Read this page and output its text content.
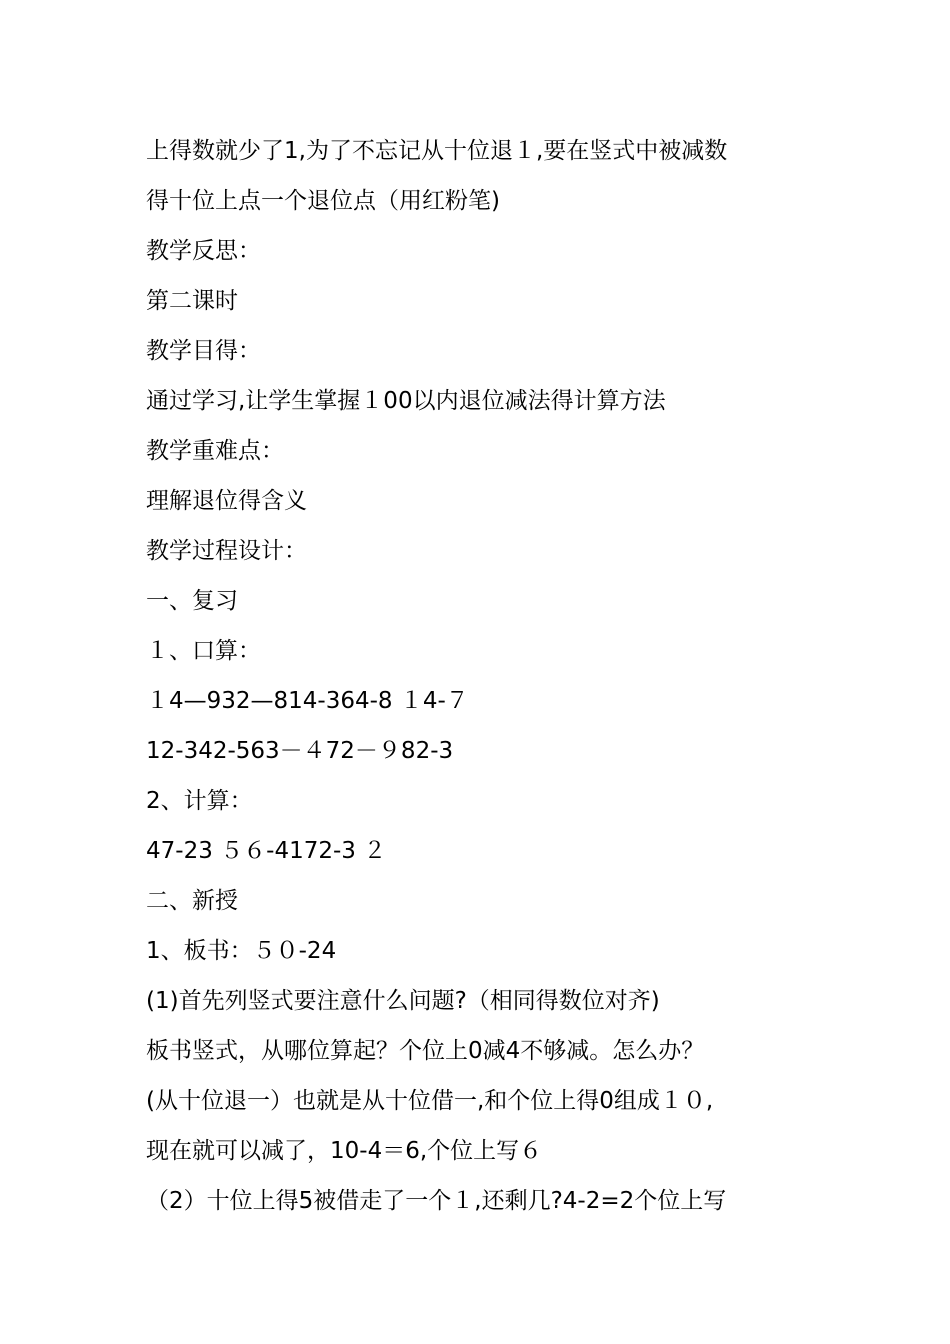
上得数就少了1,为了不忘记从十位退１,要在竖式中被减数
得十位上点一个退位点（用红粉笔)
教学反思：
第二课时
教学目得：
通过学习,让学生掌握１00以内退位减法得计算方法
教学重难点：
理解退位得含义
教学过程设计：
一、复习
１、口算：
１4—932—814-364-8 １4-７
12-342-563－４72－９82-3
2、计算：
47-23 ５６-4172-3 ２
二、新授
1、板书：５０-24
(1)首先列竖式要注意什么问题?（相同得数位对齐)
板书竖式，从哪位算起？个位上0减4不够减。怎么办？
(从十位退一）也就是从十位借一,和个位上得0组成１０,
现在就可以减了，10-4＝6,个位上写６
（2）十位上得5被借走了一个１,还剩几?4-2=2个位上写
